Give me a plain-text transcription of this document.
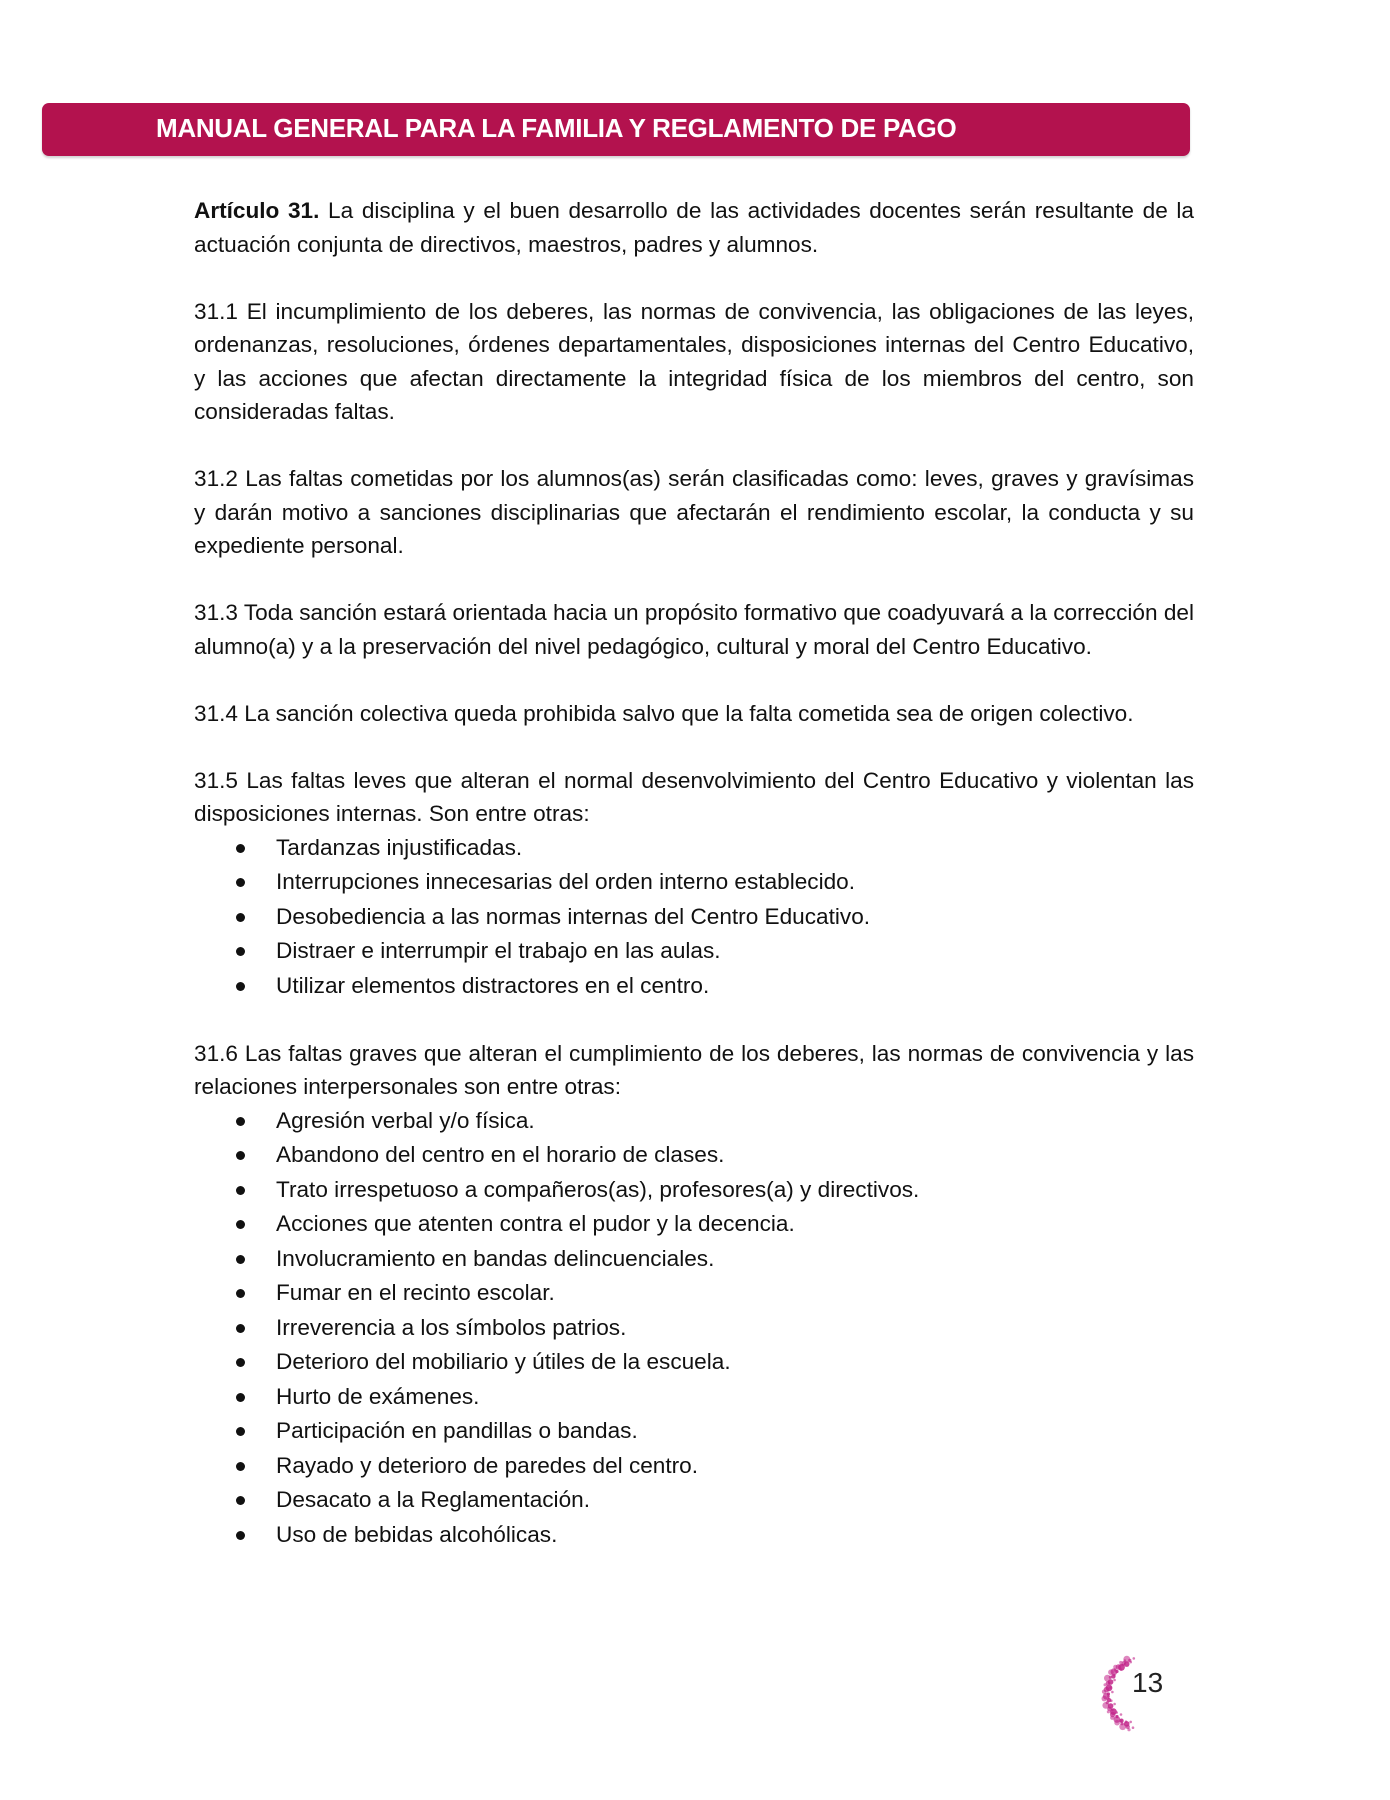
MANUAL GENERAL PARA LA FAMILIA Y REGLAMENTO DE PAGO

Artículo 31. La disciplina y el buen desarrollo de las actividades docentes serán resultante de la actuación conjunta de directivos, maestros, padres y alumnos.

31.1 El incumplimiento de los deberes, las normas de convivencia, las obligaciones de las leyes, ordenanzas, resoluciones, órdenes departamentales, disposiciones internas del Centro Educativo, y las acciones que afectan directamente la integridad física de los miembros del centro, son consideradas faltas.

31.2 Las faltas cometidas por los alumnos(as) serán clasificadas como: leves, graves y gravísimas y darán motivo a sanciones disciplinarias que afectarán el rendimiento escolar, la conducta y su expediente personal.

31.3 Toda sanción estará orientada hacia un propósito formativo que coadyuvará a la corrección del alumno(a) y a la preservación del nivel pedagógico, cultural y moral del Centro Educativo.

31.4 La sanción colectiva queda prohibida salvo que la falta cometida sea de origen colectivo.

31.5 Las faltas leves que alteran el normal desenvolvimiento del Centro Educativo y violentan las disposiciones internas. Son entre otras:

Tardanzas injustificadas.
Interrupciones innecesarias del orden interno establecido.
Desobediencia a las normas internas del Centro Educativo.
Distraer e interrumpir el trabajo en las aulas.
Utilizar elementos distractores en el centro.

31.6 Las faltas graves que alteran el cumplimiento de los deberes, las normas de convivencia y las relaciones interpersonales son entre otras:

Agresión verbal y/o física.
Abandono del centro en el horario de clases.
Trato irrespetuoso a compañeros(as), profesores(a) y directivos.
Acciones que atenten contra el pudor y la decencia.
Involucramiento en bandas delincuenciales.
Fumar en el recinto escolar.
Irreverencia a los símbolos patrios.
Deterioro del mobiliario y útiles de la escuela.
Hurto de exámenes.
Participación en pandillas o bandas.
Rayado y deterioro de paredes del centro.
Desacato a la Reglamentación.
Uso de bebidas alcohólicas.
13
